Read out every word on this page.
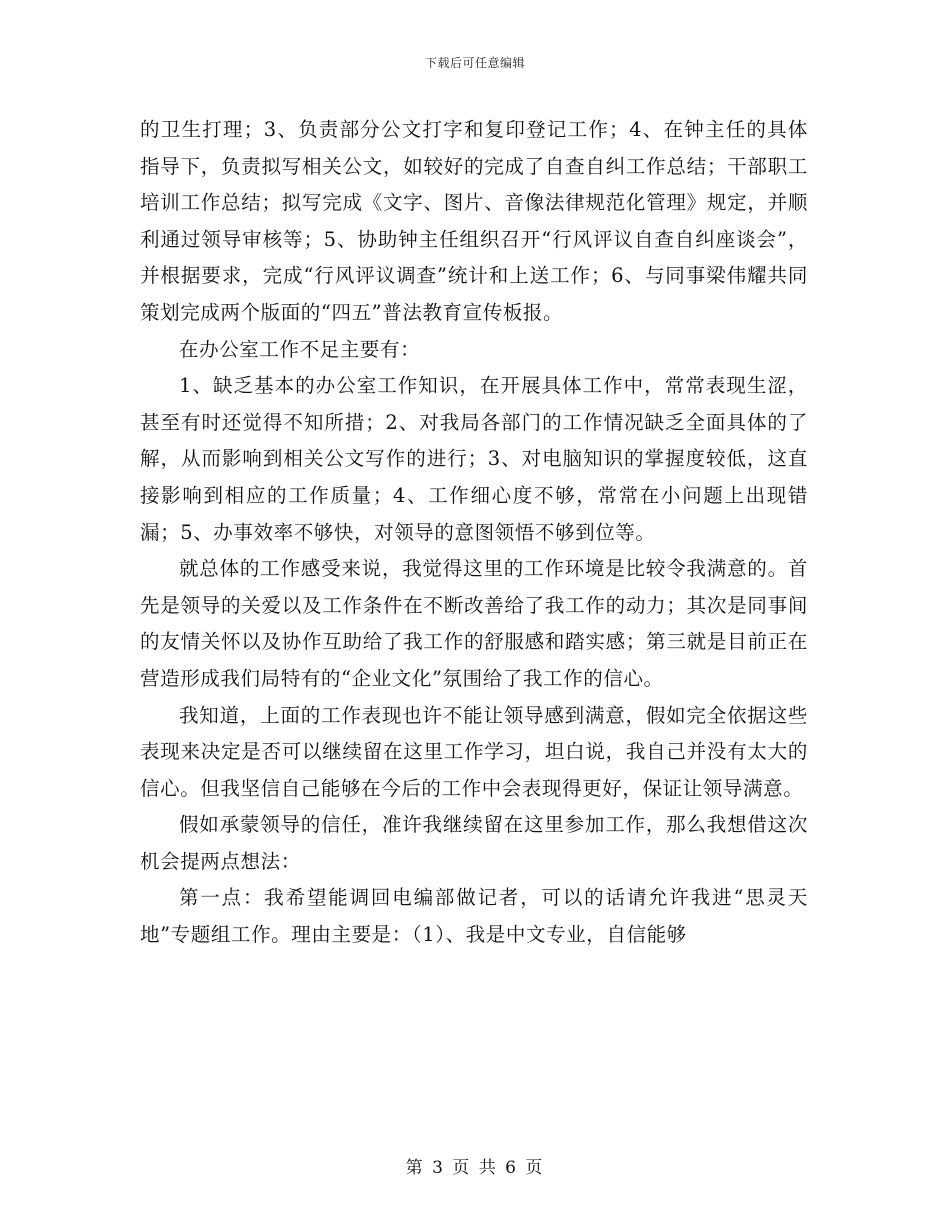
下载后可任意编辑

的卫生打理；3、负责部分公文打字和复印登记工作；4、在钟主任的具体指导下，负责拟写相关公文，如较好的完成了自查自纠工作总结；干部职工培训工作总结；拟写完成《文字、图片、音像法律规范化管理》规定，并顺利通过领导审核等；5、协助钟主任组织召开“行风评议自查自纠座谈会”，并根据要求，完成“行风评议调查”统计和上送工作；6、与同事梁伟耀共同策划完成两个版面的“四五”普法教育宣传板报。

在办公室工作不足主要有：

1、缺乏基本的办公室工作知识，在开展具体工作中，常常表现生涩，甚至有时还觉得不知所措；2、对我局各部门的工作情况缺乏全面具体的了解，从而影响到相关公文写作的进行；3、对电脑知识的掌握度较低，这直接影响到相应的工作质量；4、工作细心度不够，常常在小问题上出现错漏；5、办事效率不够快，对领导的意图领悟不够到位等。

就总体的工作感受来说，我觉得这里的工作环境是比较令我满意的。首先是领导的关爱以及工作条件在不断改善给了我工作的动力；其次是同事间的友情关怀以及协作互助给了我工作的舒服感和踏实感；第三就是目前正在营造形成我们局特有的“企业文化”氛围给了我工作的信心。

我知道，上面的工作表现也许不能让领导感到满意，假如完全依据这些表现来决定是否可以继续留在这里工作学习，坦白说，我自己并没有太大的信心。但我坚信自己能够在今后的工作中会表现得更好，保证让领导满意。

假如承蒙领导的信任，准许我继续留在这里参加工作，那么我想借这次机会提两点想法：

第一点：我希望能调回电编部做记者，可以的话请允许我进“思灵天地”专题组工作。理由主要是：（1）、我是中文专业，自信能够

第 3 页 共 6 页
